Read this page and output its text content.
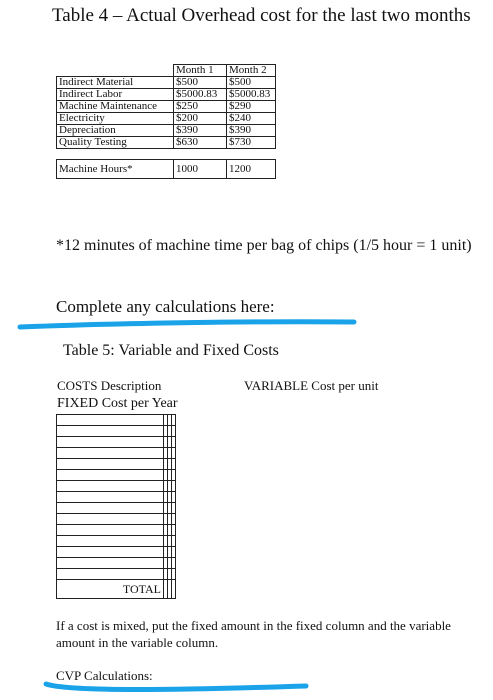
Table 4 – Actual Overhead cost for the last two months
	Month 1	Month 2
Indirect Material	$500	$500
Indirect Labor	$5000.83	$5000.83
Machine Maintenance	$250	$290
Electricity	$200	$240
Depreciation	$390	$390
Quality Testing	$630	$730

Machine Hours*	1000	1200
*12 minutes of machine time per bag of chips (1/5 hour = 1 unit)
Complete any calculations here:
Table 5: Variable and Fixed Costs
COSTS Description	VARIABLE Cost per unit
FIXED Cost per Year

TOTAL			
If a cost is mixed, put the fixed amount in the fixed column and the variable amount in the variable column.
CVP Calculations:
